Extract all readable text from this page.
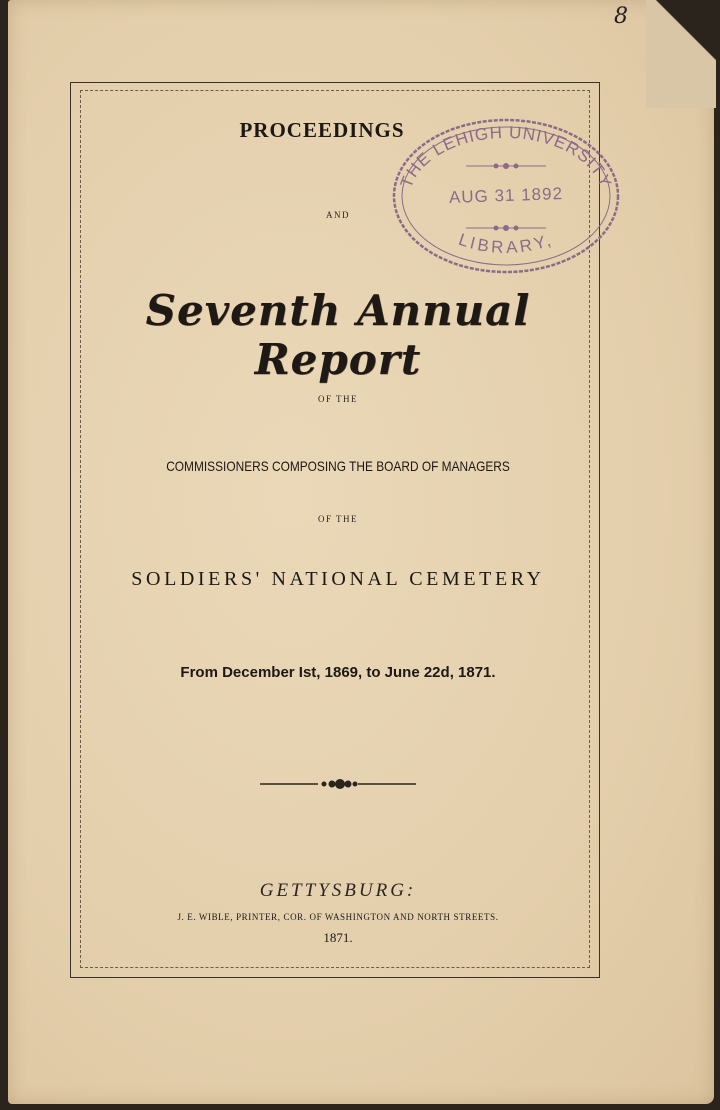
8
PROCEEDINGS
AND
Seventh Annual Report
OF THE
COMMISSIONERS COMPOSING THE BOARD OF MANAGERS
OF THE
SOLDIERS' NATIONAL CEMETERY
From December Ist, 1869, to June 22d, 1871.
GETTYSBURG:
J. E. WIBLE, PRINTER, COR. OF WASHINGTON AND NORTH STREETS.
1871.
THE LEHIGH UNIVERSITY
LIBRARY,
AUG 31 1892
